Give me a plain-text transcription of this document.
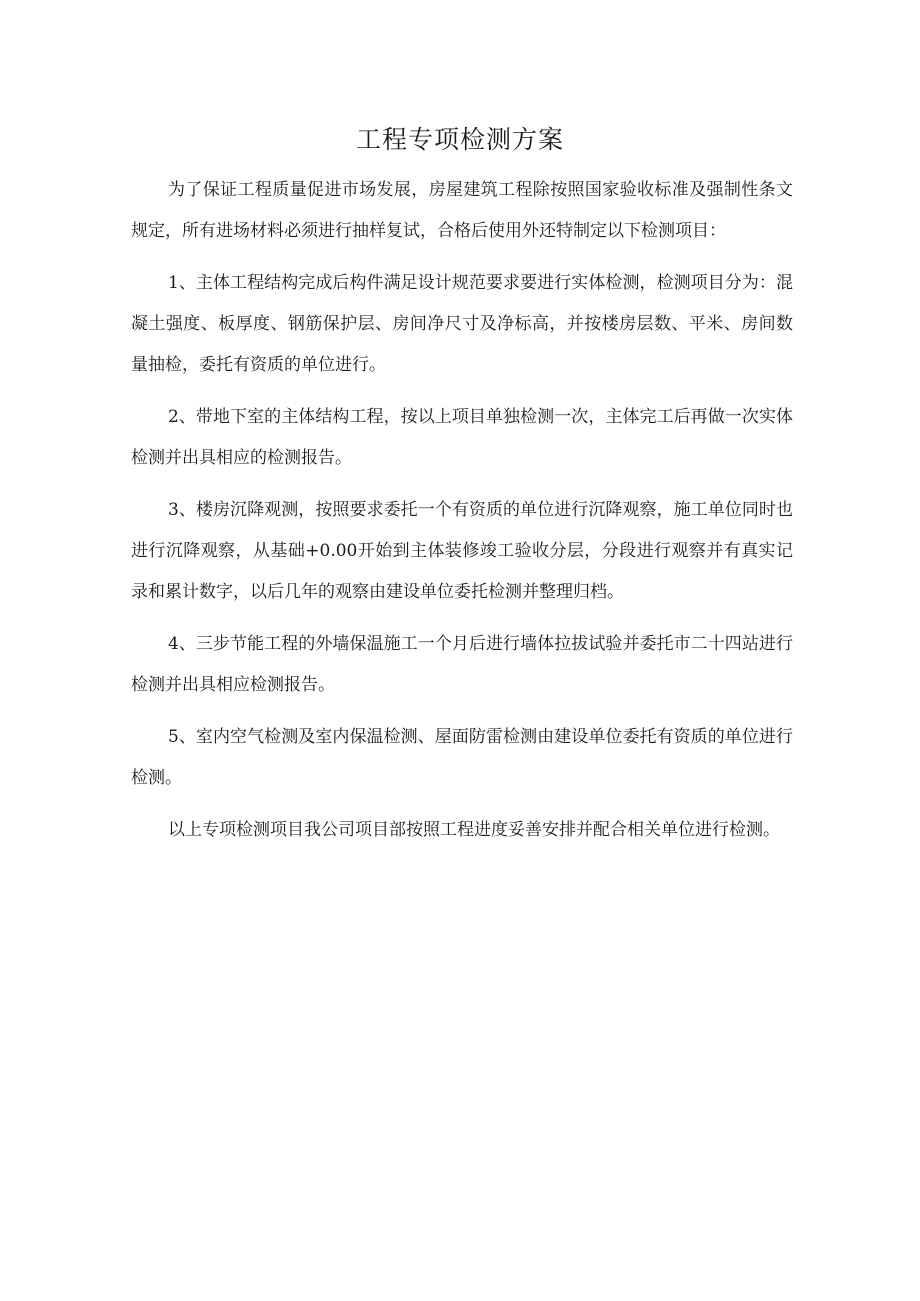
工程专项检测方案

为了保证工程质量促进市场发展，房屋建筑工程除按照国家验收标准及强制性条文规定，所有进场材料必须进行抽样复试，合格后使用外还特制定以下检测项目：

1、主体工程结构完成后构件满足设计规范要求要进行实体检测，检测项目分为：混凝土强度、板厚度、钢筋保护层、房间净尺寸及净标高，并按楼房层数、平米、房间数量抽检，委托有资质的单位进行。

2、带地下室的主体结构工程，按以上项目单独检测一次，主体完工后再做一次实体检测并出具相应的检测报告。

3、楼房沉降观测，按照要求委托一个有资质的单位进行沉降观察，施工单位同时也进行沉降观察，从基础+0.00开始到主体装修竣工验收分层，分段进行观察并有真实记录和累计数字，以后几年的观察由建设单位委托检测并整理归档。

4、三步节能工程的外墙保温施工一个月后进行墙体拉拔试验并委托市二十四站进行检测并出具相应检测报告。

5、室内空气检测及室内保温检测、屋面防雷检测由建设单位委托有资质的单位进行检测。

以上专项检测项目我公司项目部按照工程进度妥善安排并配合相关单位进行检测。
